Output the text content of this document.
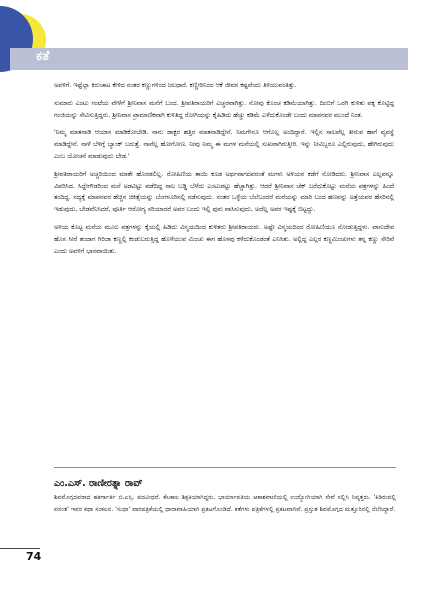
ಕತೆ

ಅವಳಿಗೆ. ಇಷ್ಟೆಲ್ಲಾ ಕಿರುಚಾಟ ಕೇಳಿದ ನಂತರ ಕಣ್ಣುಗಳಿಂದ ಜಲಧಾರೆ. ಕಣ್ಣೀರಿನಿಂದ ಆಕೆ ಜೀವನ ಕಷ್ಟವೆಂದು ತಿಳಿಯುವಂತಿತ್ತು.

ಸುಮಾರು ಎಂಟು ಗಂಟೆಯ ವೇಳೆಗೆ ಶ್ರೀನಿವಾಸ ಮನೆಗೆ ಬಂದ. ಶ್ರೀಪತಿರಾಯರಿಗೆ ಎಚ್ಚರವಾಗಿತ್ತು. ನೋವು ಕೊಂಚ ಕಡಿಮೆಯಾಗಿತ್ತು. ದಿಂಬಿಗೆ ಒರಗಿ ಕುಳಿತು ಪಕ್ಕ ಕೊಟ್ಟಿದ್ದ ಗಂಜಿಯನ್ನು ಸೇವಿಸುತ್ತಿದ್ದರು. ಶ್ರೀನಿವಾಸ ಪ್ರಾಮಾಣಿಕವಾಗಿ ಕುಳಿತಿದ್ದ ರೋಗಿಯನ್ನು ಕೈಹಿಡಿದು ಹೆಚ್ಚು ಕಡಿಮೆ ಎಳೆದುಕೊಂಡೇ ಬಂದು ಮಾವನವರ ಮುಂದೆ ನಿಂತ.

'ನಿಮ್ಮ ಮಾತನಾಡಿ ಆಯಾಸ ಮಾಡಿಕೋಬೇಡಿ. ನಾನು ಡಾಕ್ಟರ ಹತ್ತಿರ ಮಾತನಾಡಿದ್ದೇನೆ. ನಿಮಗೇನೂ ಆಗೊಲ್ಲ ಅಂದಿದ್ದಾರೆ. ಇಲ್ಲಿನ ಸಾಲವೆಲ್ಲ ತೀರುವ ಹಾಗೆ ವ್ಯವಸ್ಥೆ ಮಾಡಿದ್ದೇನೆ. ನಾಳೆ ಬೆಳಿಗ್ಗೆ ಬ್ಯಾಂಕ್ ಬರುತ್ತೆ. ನಾವೆಲ್ಲ ಹೋಗೋಣ. ನೀವು ನಿಮ್ಮ ಈ ಮಗಳ ಮನೆಯಲ್ಲಿ ಸುಖವಾಗಿರುತ್ತೀರಿ. ಇನ್ನು ನೀವಿಬ್ಬರೂ ಎಲ್ಲಿರುವುದು, ಹೇಗಿರುವುದು ಎಂಬ ಯೋಚನೆ ಮಾಡುವುದು ಬೇಡ.'

ಶ್ರೀಪತಿರಾಯರಿಗೆ ಅಚ್ಚರಿಯಿಂದ ಮಾತೇ ಹೊರಡಲಿಲ್ಲ. ರೋಹಿಣಿಯ ತಾಯಿ ಕೂಡ ಅರ್ಥವಾಗದವರಂತೆ ಮಗಳು ಅಳಿಯನ ಕಡೆಗೆ ನೋಡಿದರು. ಶ್ರೀನಿವಾಸ ಎಲ್ಲವನ್ನೂ ವಿವರಿಸಿದ. ಸಿದ್ದೇಗೌಡರಿಂದ ಮನೆ ಅಡವಿಟ್ಟು ಪಡೆದಿದ್ದ ಸಾಲ ಬಡ್ಡಿ ಬೆಳೆದು ಎಂಟುಪಟ್ಟು ಹೆಚ್ಚಾಗಿತ್ತು. ಆದರೆ ಶ್ರೀನಿವಾಸ ಚೆಕ್ ಬರೆದುಕೊಟ್ಟು ಮನೆಯ ಪತ್ರಗಳನ್ನು ಹಿಂದೆ ತಂದಿದ್ದ. ಸದ್ಯಕ್ಕೆ ಮಾವನವರ ಹೆಚ್ಚಿನ ಚಿಕಿತ್ಸೆಯನ್ನು ಬೆಂಗಳೂರಿನಲ್ಲಿ ನಡೆಸುವುದು. ನಂತರ ಒಳ್ಳೆಯ ಬೆಲೆಬಂದರೆ ಮನೆಯನ್ನು ಮಾರಿ ಬಂದ ಹಣವನ್ನು ಅತ್ತೆಯವರ ಹೆಸರಿನಲ್ಲಿ ಇಡುವುದು, ಬೇಡವೆನಿಸಿದರೆ, ಪೂರ್ತಿ ಆರೋಗ್ಯ ಸರಿಯಾದರೆ ಅವರ ಬಂದು ಇಲ್ಲಿ ಪುನಃ ವಾಸಿಸುವುದು, ಅದೆಲ್ಲ ಅವರ ಇಷ್ಟಕ್ಕೆ ಬಿಟ್ಟದ್ದು.

ಅಳಿಯ ಕೊಟ್ಟ ಮನೆಯ ಮೂಲ ಪತ್ರಗಳನ್ನು ಕೈಯಲ್ಲಿ ಹಿಡಿದು ವಿಸ್ಮಯದಿಂದ ಕುಳಿತರು ಶ್ರೀಪತಿರಾಯರು. ಅಷ್ಟೇ ವಿಸ್ಮಯದಿಂದ ರೋಹಿಣಿಯೂ ನೋಡುತ್ತಿದ್ದಳು. ವಾಸುದೇವ ಹೊಸ ಸೀರೆ ತಂದಾಗ ಗಿರಿಜಾ ಕಣ್ಣಲ್ಲಿ ಕಂಡುಬರುತ್ತಿದ್ದ ಹೊಳೆಯುವ ಮಿಂಚು ಈಗ ಹೊಳಪು ಕಳೆದುಕೊಂಡಂತೆ ಎನಿಸಿತು. ಅಲ್ಲಿದ್ದ ಎಲ್ಲರ ಕಣ್ಣಮಿಂಚುಗಳು ತನ್ನ ಕಣ್ಣು ಸೇರಿವೆ ಎಂದು ಅವಳಿಗೆ ಭಾಸವಾಯಿತು.

ಎಂ.ಎಸ್. ರಾಣೀರತ್ನಾ ರಾವ್

ಶಿವಮೊಗ್ಗದವರಾದ ಹಕರ್ಗಾರ್ತಿ ಬಿ.ಎಸ್ಸಿ. ಪದವೀಧರೆ. ಕೆಲಕಾಲ ಶಿಕ್ಷಕಿಯಾಗಿದ್ದರು. ಭಾರ್ಯಾಪತಿಯ ಆಕಾಶವಾಣಿಯಲ್ಲಿ ಉದ್ಯೋಗಿಯಾಗಿ ಸೇವೆ ಸಲ್ಲಿಸಿ ನಿವೃತ್ತರು. 'ಕಿಡಿರುವಲ್ಲಿ ವಸಂತ' ಇವರ ಕಥಾ ಸಂಕಲನ. 'ಸುಧಾ' ವಾರಪತ್ರಿಕೆಯಲ್ಲಿ ಧಾರಾವಾಹಿಯಾಗಿ ಪ್ರಕಟಗೊಂಡಿದೆ. ಕತೆಗಳು ಪತ್ರಿಕೆಗಳಲ್ಲಿ ಪ್ರಕಟವಾಗಿವೆ. ಪ್ರಸ್ತುತ ಶಿವಮೊಗ್ಗದ ಮತ್ತೂರಿನಲ್ಲಿ ನೆಲೆಸಿದ್ದಾರೆ.

74
